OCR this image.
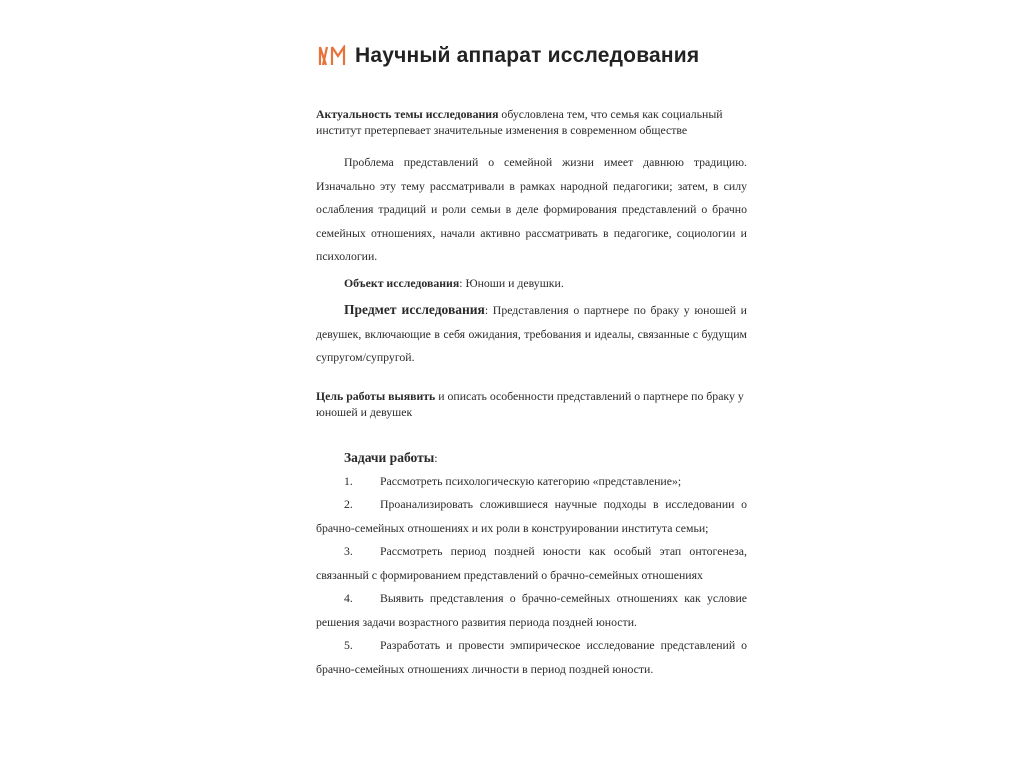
Научный аппарат исследования

Актуальность темы исследования обусловлена тем, что семья как социальный институт претерпевает значительные изменения в современном обществе

Проблема представлений о семейной жизни имеет давнюю традицию. Изначально эту тему рассматривали в рамках народной педагогики; затем, в силу ослабления традиций и роли семьи в деле формирования представлений о брачно семейных отношениях, начали активно рассматривать в педагогике, социологии и психологии.

Объект исследования: Юноши и девушки.

Предмет исследования: Представления о партнере по браку у юношей и девушек, включающие в себя ожидания, требования и идеалы, связанные с будущим супругом/супругой.

Цель работы выявить и описать особенности представлений о партнере по браку у юношей и девушек

Задачи работы:

1. Рассмотреть психологическую категорию «представление»;

2. Проанализировать сложившиеся научные подходы в исследовании о брачно-семейных отношениях и их роли в конструировании института семьи;

3. Рассмотреть период поздней юности как особый этап онтогенеза, связанный с формированием представлений о брачно-семейных отношениях

4. Выявить представления о брачно-семейных отношениях как условие решения задачи возрастного развития периода поздней юности.

5. Разработать и провести эмпирическое исследование представлений о брачно-семейных отношениях личности в период поздней юности.
